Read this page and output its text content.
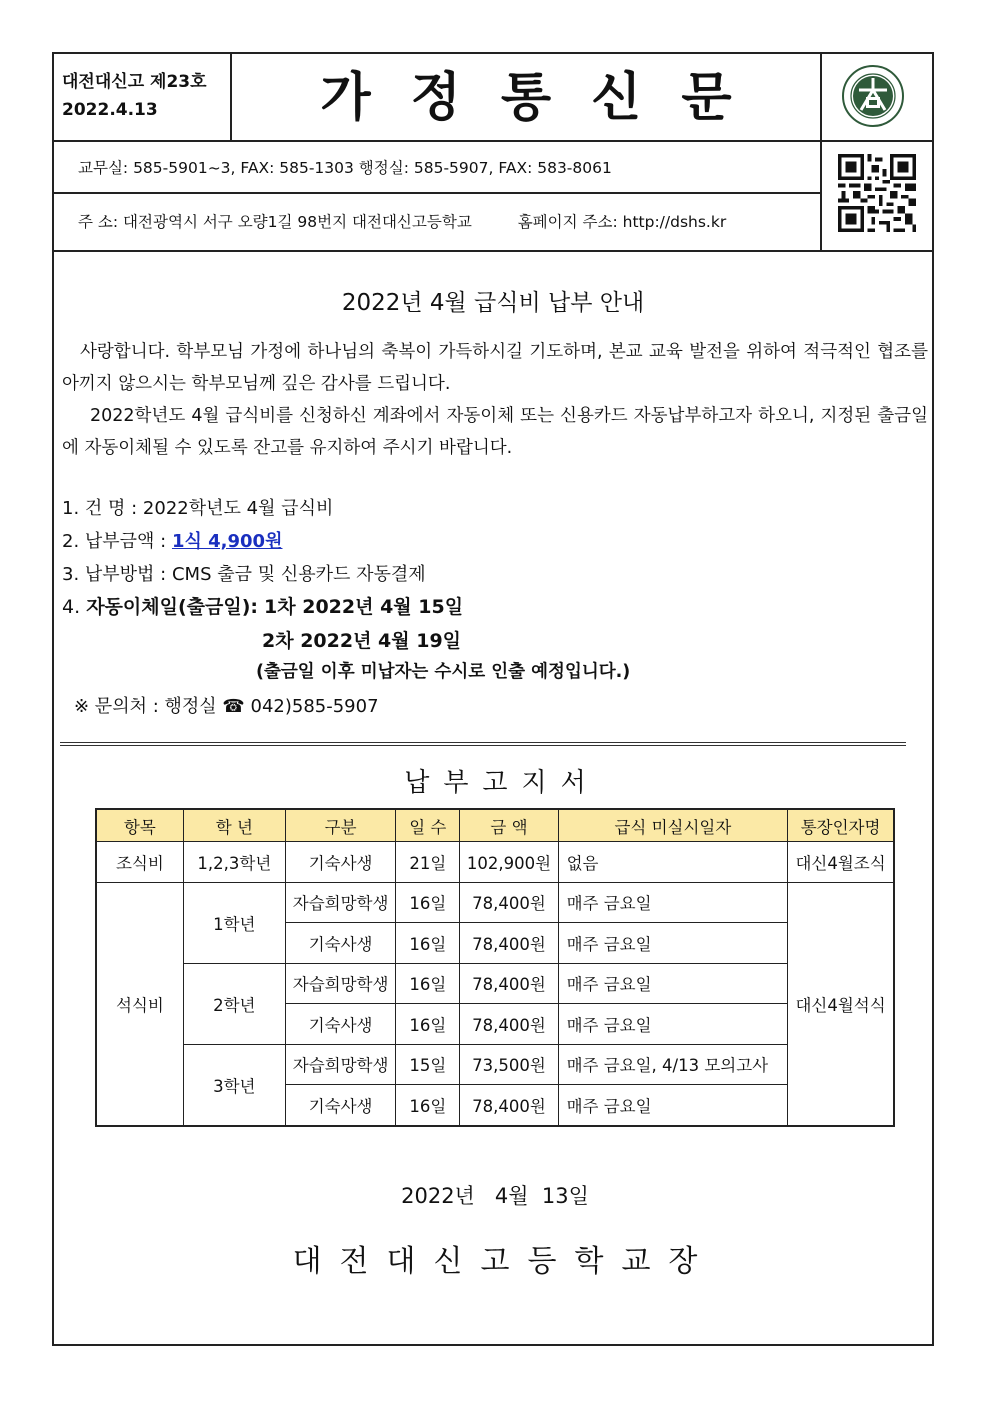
대전대신고 제23호
2022.4.13	가정통신문
교무실: 585-5901~3, FAX: 585-1303 행정실: 585-5907, FAX: 583-8061
주 소: 대전광역시 서구 오량1길 98번지 대전대신고등학교	홈페이지 주소: http://dshs.kr
2022년 4월 급식비 납부 안내
사랑합니다. 학부모님 가정에 하나님의 축복이 가득하시길 기도하며, 본교 교육 발전을 위하여 적극적인 협조를 아끼지 않으시는 학부모님께 깊은 감사를 드립니다.
2022학년도 4월 급식비를 신청하신 계좌에서 자동이체 또는 신용카드 자동납부하고자 하오니, 지정된 출금일에 자동이체될 수 있도록 잔고를 유지하여 주시기 바랍니다.
1. 건 명 : 2022학년도 4월 급식비
2. 납부금액 : 1식 4,900원
3. 납부방법 : CMS 출금 및 신용카드 자동결제
4. 자동이체일(출금일): 1차 2022년 4월 15일
2차 2022년 4월 19일
(출금일 이후 미납자는 수시로 인출 예정입니다.)
※ 문의처 : 행정실 ☎ 042)585-5907
납부고지서
항목	학 년	구분	일 수	금 액	급식 미실시일자	통장인자명
조식비	1,2,3학년	기숙사생	21일	102,900원	없음	대신4월조식
석식비	1학년	자습희망학생	16일	78,400원	매주 금요일	대신4월석식
		기숙사생	16일	78,400원	매주 금요일	
	2학년	자습희망학생	16일	78,400원	매주 금요일	
		기숙사생	16일	78,400원	매주 금요일	
	3학년	자습희망학생	15일	73,500원	매주 금요일, 4/13 모의고사	
		기숙사생	16일	78,400원	매주 금요일	
2022년   4월  13일
대전대신고등학교장
